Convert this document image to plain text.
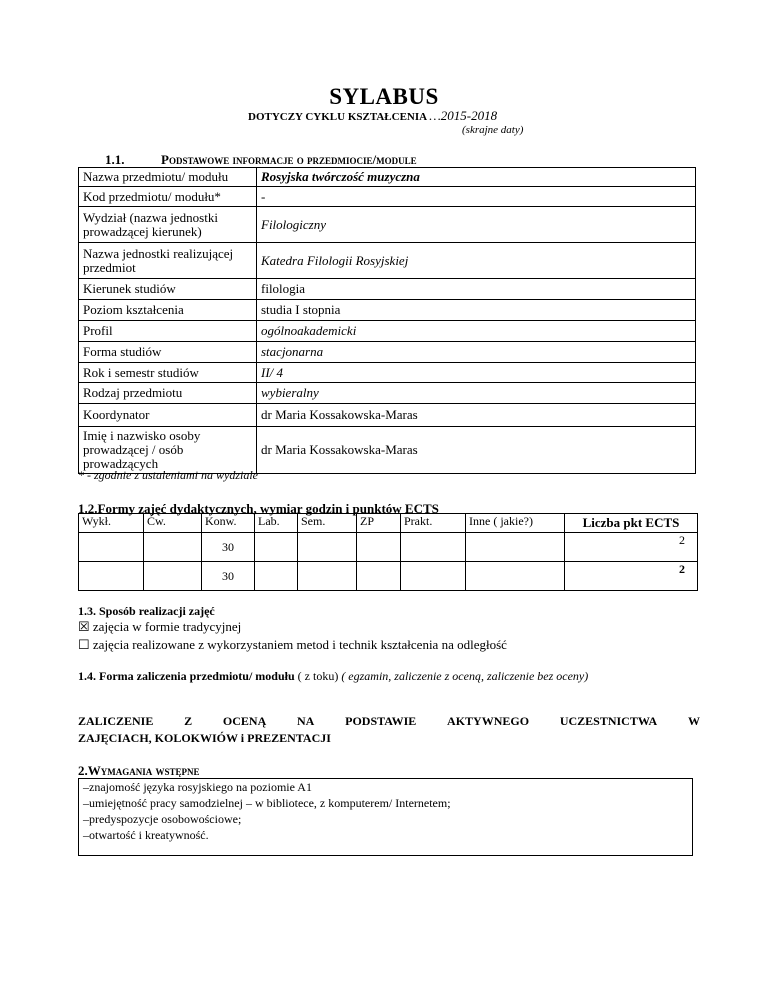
SYLABUS
DOTYCZY CYKLU KSZTAŁCENIA …2015-2018
(skrajne daty)
1.1.	Podstawowe informacje o przedmiocie/module
Nazwa przedmiotu/ modułu	Rosyjska twórczość muzyczna
Kod przedmiotu/ modułu*	-
Wydział (nazwa jednostki prowadzącej kierunek)	Filologiczny
Nazwa jednostki realizującej przedmiot	Katedra Filologii Rosyjskiej
Kierunek studiów	filologia
Poziom kształcenia	studia I stopnia
Profil	ogólnoakademicki
Forma studiów	stacjonarna
Rok i semestr studiów	II/ 4
Rodzaj przedmiotu	wybieralny
Koordynator	dr Maria Kossakowska-Maras
Imię i nazwisko osoby prowadzącej / osób prowadzących	dr Maria Kossakowska-Maras
* - zgodnie z ustaleniami na wydziale
1.2.Formy zajęć dydaktycznych, wymiar godzin i punktów ECTS
Wykł.	Ćw.	Konw.	Lab.	Sem.	ZP	Prakt.	Inne ( jakie?)	Liczba pkt ECTS
		30						2
		30						2
1.3. Sposób realizacji zajęć
☒ zajęcia w formie tradycyjnej
☐ zajęcia realizowane z wykorzystaniem metod i technik kształcenia na odległość
1.4. Forma zaliczenia przedmiotu/ modułu ( z toku) ( egzamin, zaliczenie z oceną, zaliczenie bez oceny)
ZALICZENIE	Z	OCENĄ	NA	PODSTAWIE	AKTYWNEGO	UCZESTNICTWA	W
ZAJĘCIACH, KOLOKWIÓW i PREZENTACJI
2.Wymagania wstępne
–znajomość języka rosyjskiego na poziomie A1
–umiejętność pracy samodzielnej – w bibliotece, z komputerem/ Internetem;
–predyspozycje osobowościowe;
–otwartość i kreatywność.
